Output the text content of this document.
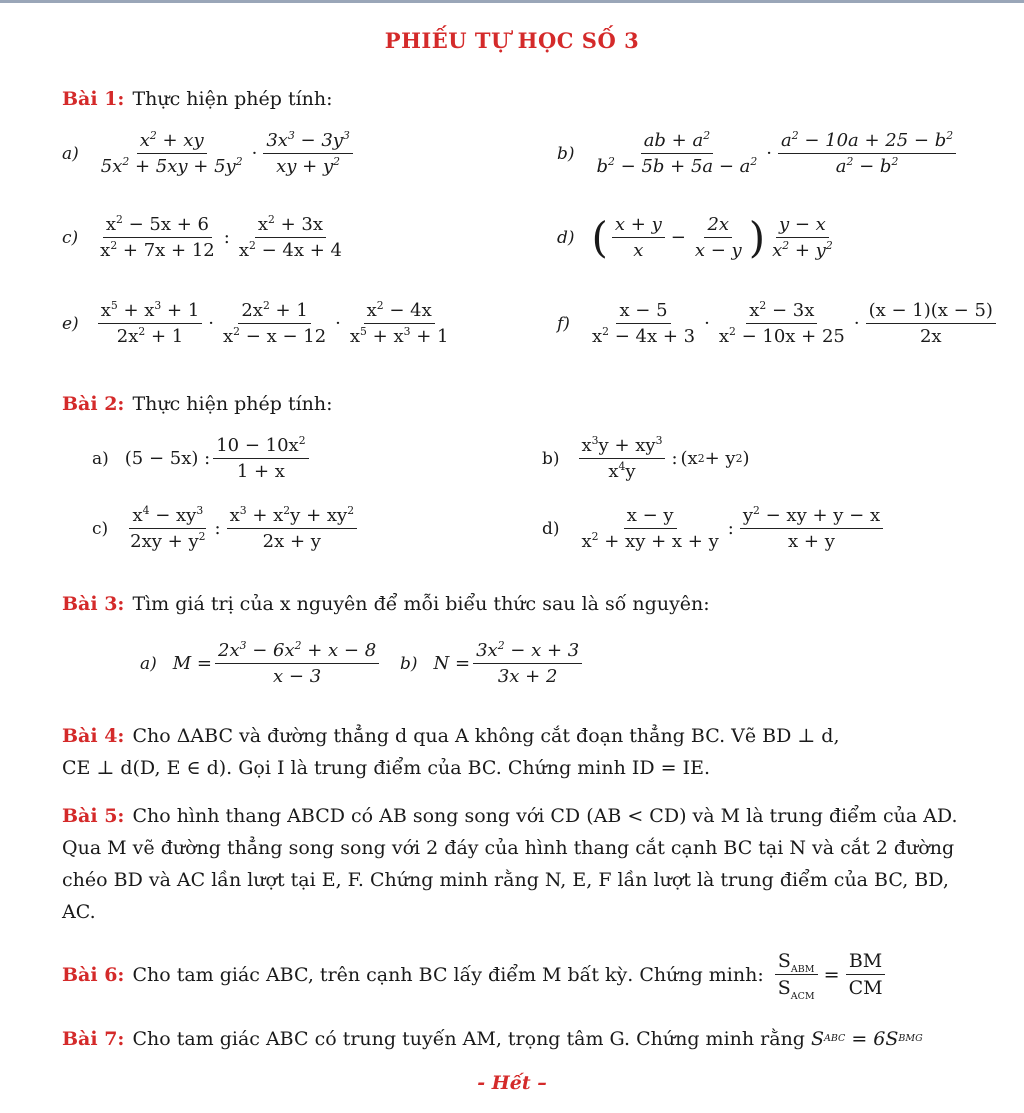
PHIẾU TỰ HỌC SỐ 3
Bài 1: Thực hiện phép tính:
$a) \frac{x^2 + xy}{5x^2 + 5xy + 5y^2} \cdot \frac{3x^3 - 3y^3}{xy + y^2}$	$b) \frac{ab + a^2}{b^2 - 5b + 5a - a^2} \cdot \frac{a^2 - 10a + 25 - b^2}{a^2 - b^2}$
$c) \frac{x^2 - 5x + 6}{x^2 + 7x + 12}$ : $\frac{x^2 + 3x}{x^2 - 4x + 4}$	d) ( $\frac{x + y}{x} - \frac{2x}{x - y}$ ) $\frac{y - x}{x^2 + y^2}$
$e) \frac{x^5 + x^3 + 1}{2x^2 + 1} \cdot \frac{2x^2 + 1}{x^2 - x - 12} \cdot \frac{x^2 - 4x}{x^5 + x^3 + 1}$	$f) \frac{x - 5}{x^2 - 4x + 3} \cdot \frac{x^2 - 3x}{x^2 - 10x + 25} \cdot \frac{(x - 1)(x - 5)}{2x}$
Bài 2: Thực hiện phép tính:
a) (5 − 5x) : $\frac{10 - 10x^2}{1 + x}$	$b) \frac{x^3y + xy^3}{x^4y}$ : (x 2 + y 2 )
$c) \frac{x^4 - xy^3}{2xy + y^2}$ : $\frac{x^3 + x^2y + xy^2}{2x + y}$	$d) \frac{x - y}{x^2 + xy + x + y}$ : $\frac{y^2 - xy + y - x}{x + y}$
Bài 3: Tìm giá trị của x nguyên để mỗi biểu thức sau là số nguyên:
a) $M = \frac{2x^3 - 6x^2 + x - 8}{x - 3} b$) $N = \frac{3x^2 - x + 3}{3x + 2}$
Bài 4: Cho ΔABC và đường thẳng d qua A không cắt đoạn thẳng BC. Vẽ BD ⊥ d,
CE ⊥ d(D, E ∈ d). Gọi I là trung điểm của BC. Chứng minh ID = IE.
Bài 5: Cho hình thang ABCD có AB song song với CD (AB < CD) và M là trung điểm của AD. Qua M vẽ đường thẳng song song với 2 đáy của hình thang cắt cạnh BC tại N và cắt 2 đường chéo BD và AC lần lượt tại E, F. Chứng minh rằng N, E, F lần lượt là trung điểm của BC, BD, AC.
Bài 6: Cho tam giác ABC, trên cạnh BC lấy điểm M bất kỳ. Chứng minh: $\frac{S_{ABM}}{S_{ACM}} = \frac{BM}{CM}$
Bài 7: Cho tam giác ABC có trung tuyến AM, trọng tâm G. Chứng minh rằng S ABC = 6S BMG
- Hết –
